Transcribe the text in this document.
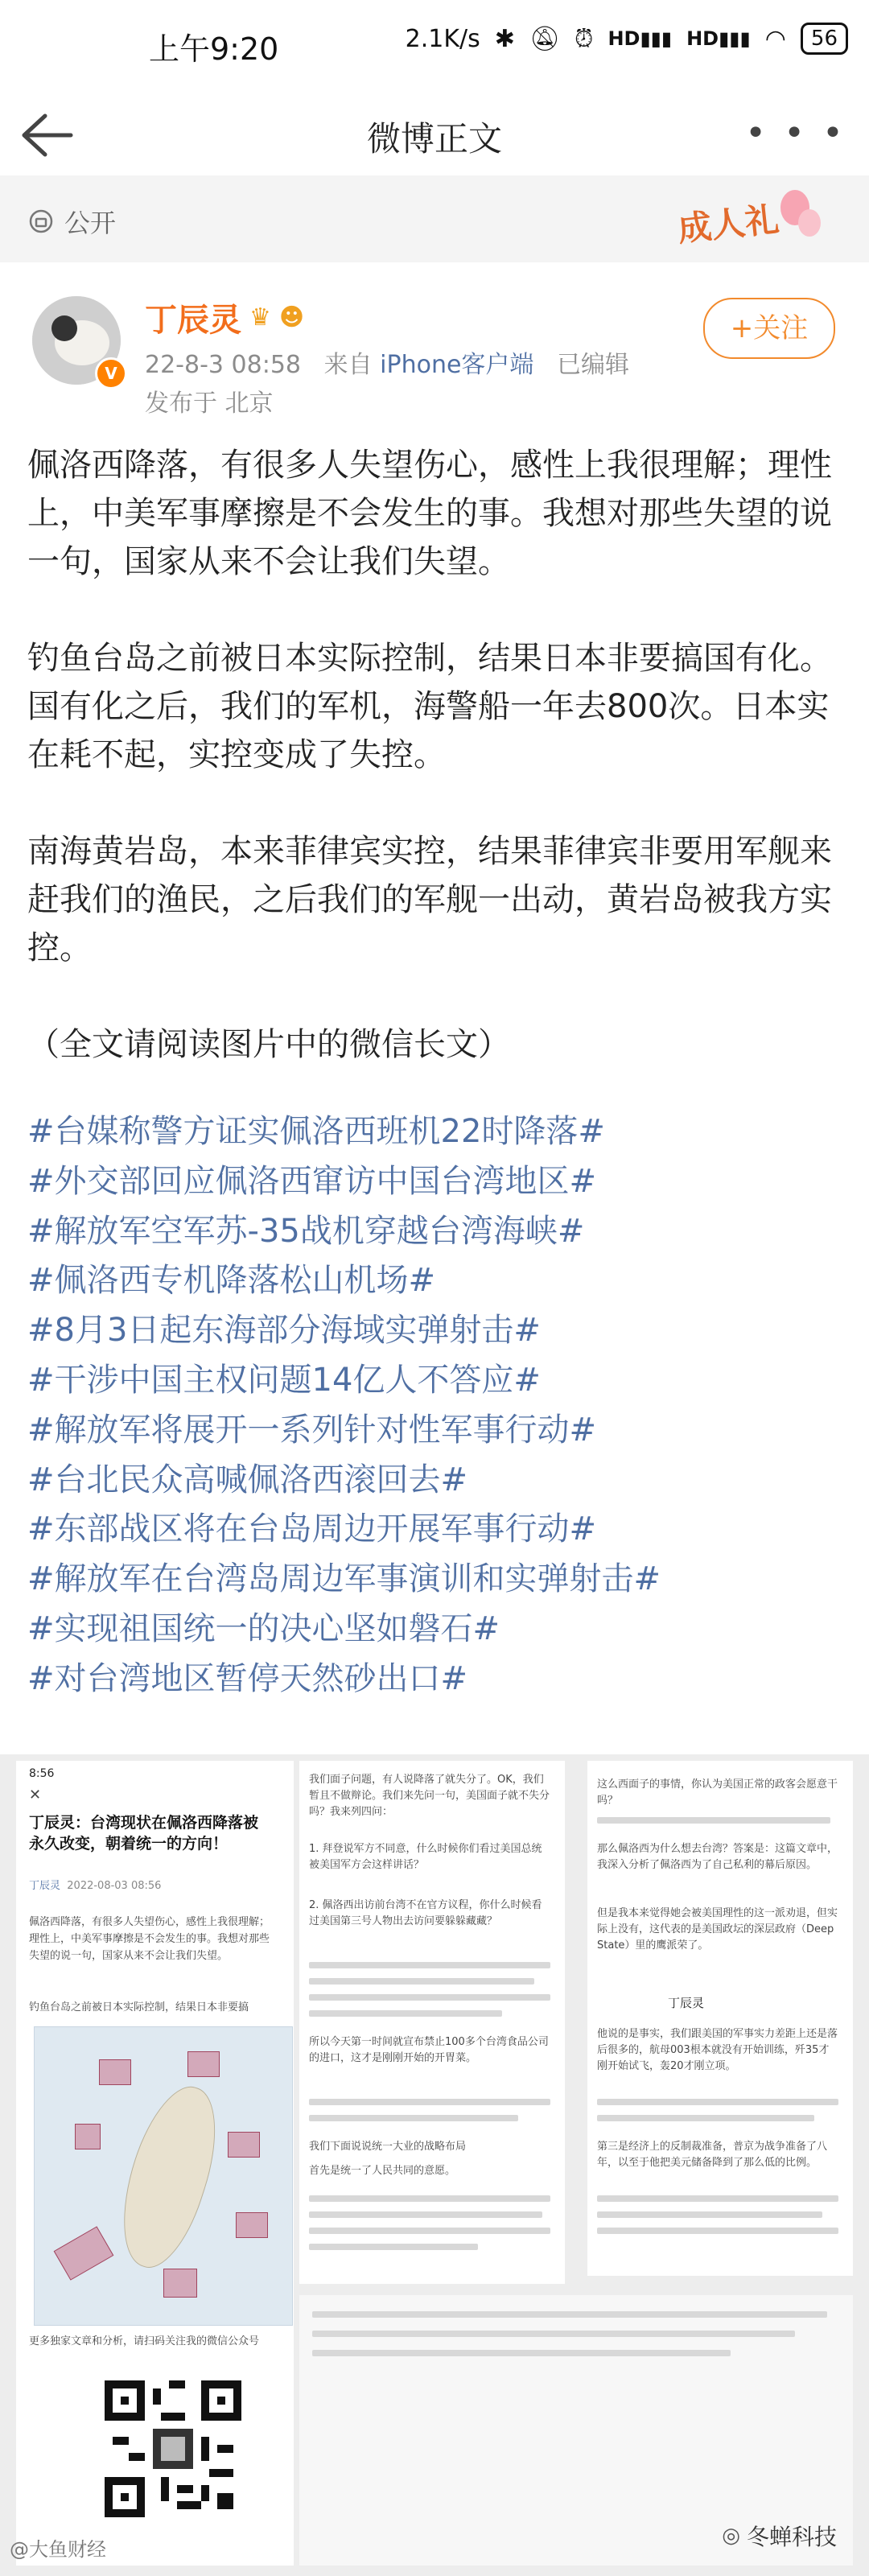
上午9:20	2.1K/s ✱ 🔕︎ ⏰︎ HD▮▮▮ HD▮▮▮ ◠	56
微博正文	• • •
公开	成人礼
V
丁辰灵 ♛ ☻
22-8-3 08:58 来自 iPhone客户端 已编辑
发布于 北京
+关注

佩洛西降落，有很多人失望伤心，感性上我很理解；理性上，中美军事摩擦是不会发生的事。我想对那些失望的说一句，国家从来不会让我们失望。

钓鱼台岛之前被日本实际控制，结果日本非要搞国有化。国有化之后，我们的军机，海警船一年去800次。日本实在耗不起，实控变成了失控。

南海黄岩岛，本来菲律宾实控，结果菲律宾非要用军舰来赶我们的渔民，之后我们的军舰一出动，黄岩岛被我方实控。

（全文请阅读图片中的微信长文）

#台媒称警方证实佩洛西班机22时降落#
#外交部回应佩洛西窜访中国台湾地区#
#解放军空军苏-35战机穿越台湾海峡#
#佩洛西专机降落松山机场#
#8月3日起东海部分海域实弹射击#
#干涉中国主权问题14亿人不答应#
#解放军将展开一系列针对性军事行动#
#台北民众高喊佩洛西滚回去#
#东部战区将在台岛周边开展军事行动#
#解放军在台湾岛周边军事演训和实弹射击#
#实现祖国统一的决心坚如磐石#
#对台湾地区暂停天然砂出口#
8:56
✕
丁辰灵：台湾现状在佩洛西降落被永久改变，朝着统一的方向！
丁辰灵 2022-08-03 08:56
佩洛西降落，有很多人失望伤心，感性上我很理解；理性上，中美军事摩擦是不会发生的事。我想对那些失望的说一句，国家从来不会让我们失望。
钓鱼台岛之前被日本实际控制，结果日本非要搞
更多独家文章和分析，请扫码关注我的微信公众号
我们面子问题，有人说降落了就失分了。OK，我们暂且不做辩论。我们来先问一句，美国面子就不失分吗？我来列四问：
1. 拜登说军方不同意，什么时候你们看过美国总统被美国军方会这样讲话？
2. 佩洛西出访前台湾不在官方议程，你什么时候看过美国第三号人物出去访问要躲躲藏藏？
所以今天第一时间就宣布禁止100多个台湾食品公司的进口，这才是刚刚开始的开胃菜。
我们下面说说统一大业的战略布局
首先是统一了人民共同的意愿。
这么西面子的事情，你认为美国正常的政客会愿意干吗？
那么佩洛西为什么想去台湾？答案是：这篇文章中，我深入分析了佩洛西为了自己私利的幕后原因。
但是我本来觉得她会被美国理性的这一派劝退，但实际上没有，这代表的是美国政坛的深层政府（Deep State）里的鹰派荣了。
丁辰灵
他说的是事实，我们跟美国的军事实力差距上还是落后很多的，航母003根本就没有开始训练，歼35才刚开始试飞，轰20才刚立项。
第三是经济上的反制裁准备，普京为战争准备了八年，以至于他把美元储备降到了那么低的比例。
◎ 冬蝉科技
@大鱼财经
